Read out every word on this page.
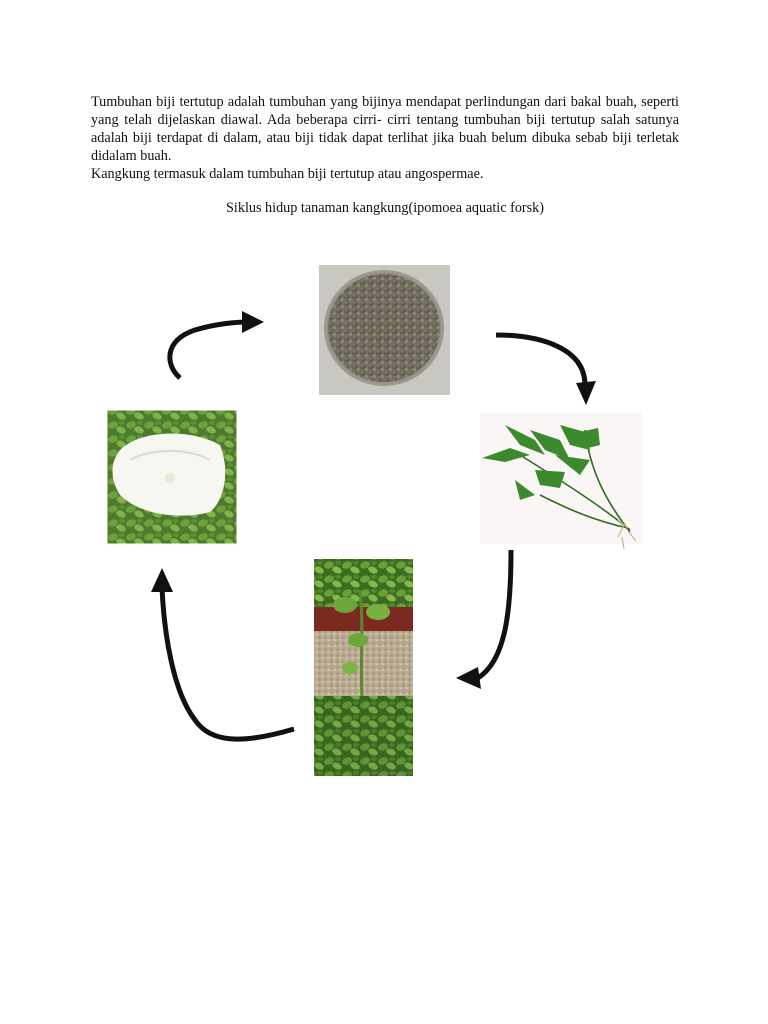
Tumbuhan biji tertutup adalah tumbuhan yang bijinya mendapat perlindungan dari bakal buah, seperti yang telah dijelaskan diawal. Ada beberapa cirri- cirri tentang tumbuhan biji tertutup salah satunya adalah biji terdapat di dalam, atau biji tidak dapat terlihat jika buah belum dibuka sebab biji terletak didalam buah.

Kangkung termasuk dalam tumbuhan biji tertutup atau angospermae.

Siklus hidup tanaman kangkung(ipomoea aquatic forsk)
Sutri Gunawan 2010
